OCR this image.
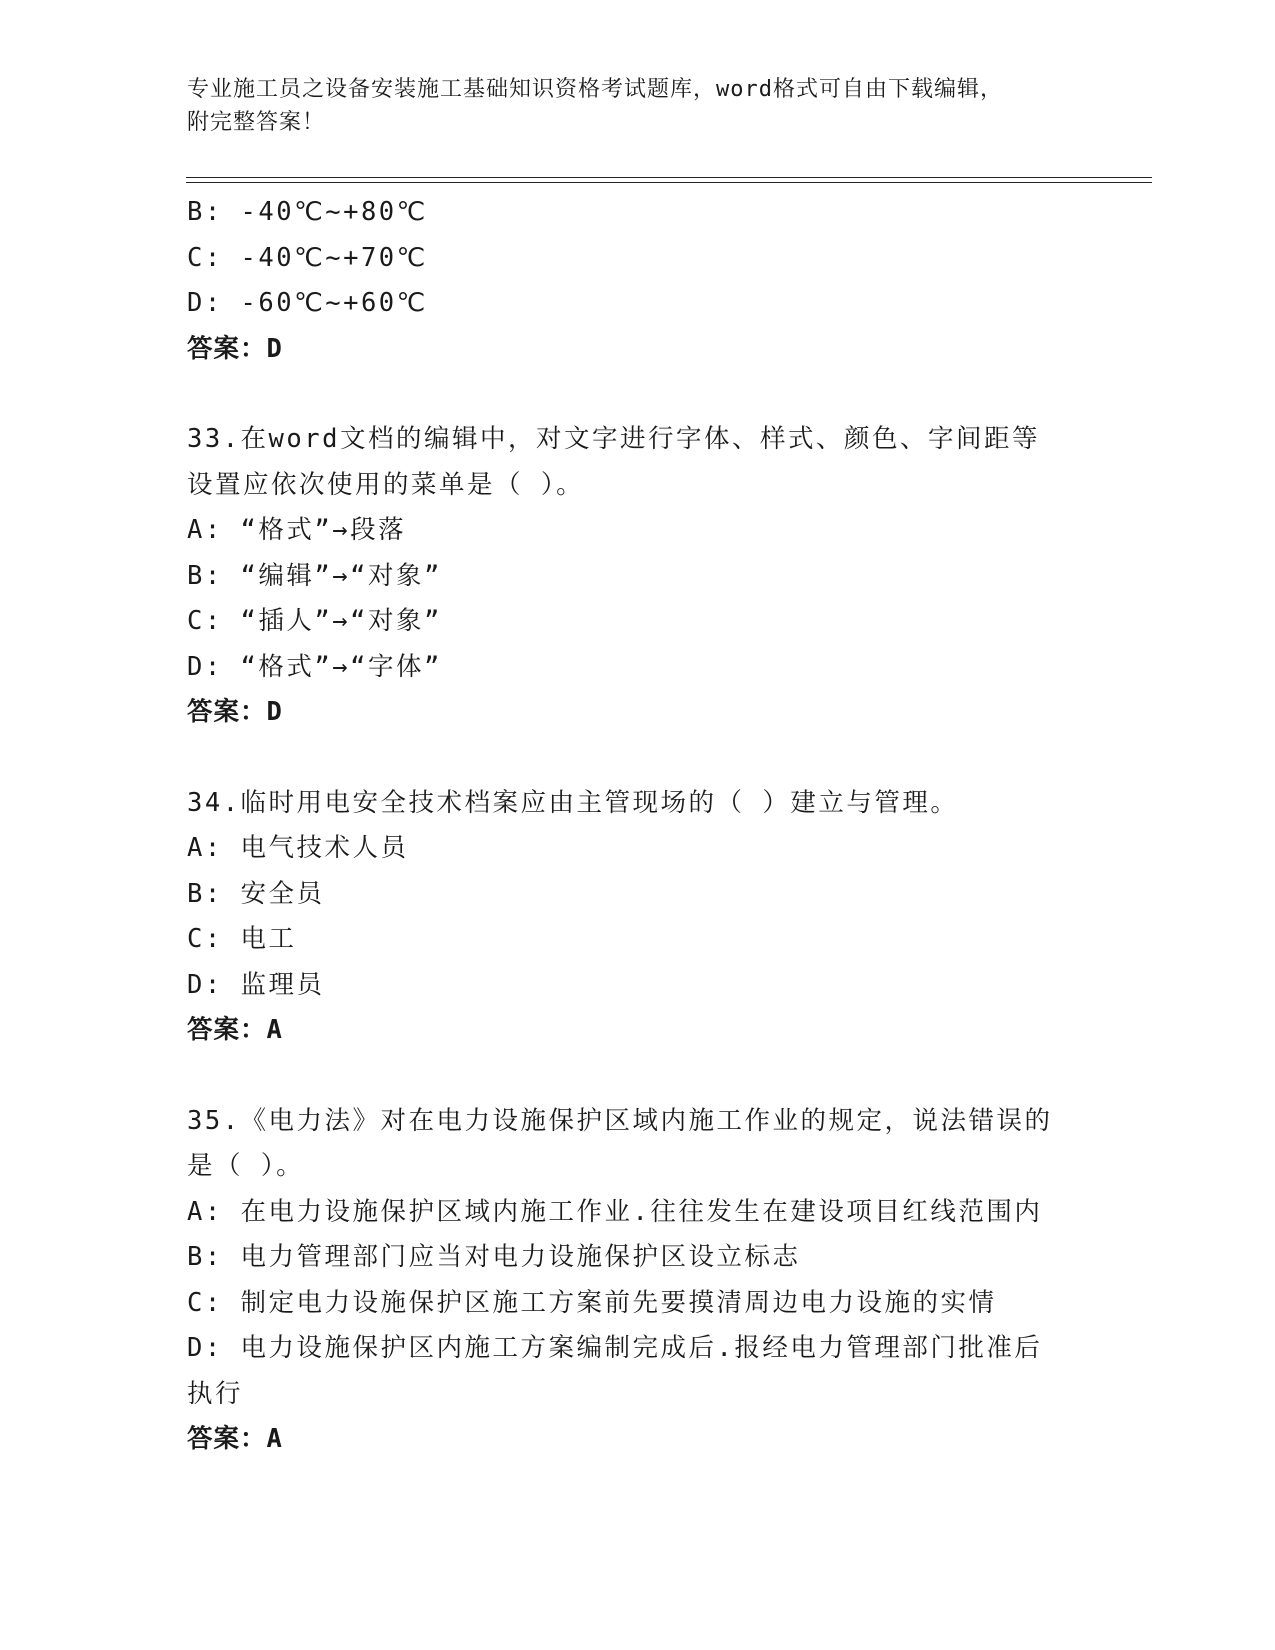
专业施工员之设备安装施工基础知识资格考试题库，word格式可自由下载编辑，
附完整答案！
B: -40℃~+80℃
C: -40℃~+70℃
D: -60℃~+60℃
答案：D
33.在word文档的编辑中，对文字进行字体、样式、颜色、字间距等
设置应依次使用的菜单是（ ）。
A: “格式”→段落
B: “编辑”→“对象”
C: “插人”→“对象”
D: “格式”→“字体”
答案：D
34.临时用电安全技术档案应由主管现场的（ ）建立与管理。
A: 电气技术人员
B: 安全员
C: 电工
D: 监理员
答案：A
35.《电力法》对在电力设施保护区域内施工作业的规定，说法错误的
是（ ）。
A: 在电力设施保护区域内施工作业.往往发生在建设项目红线范围内
B: 电力管理部门应当对电力设施保护区设立标志
C: 制定电力设施保护区施工方案前先要摸清周边电力设施的实情
D: 电力设施保护区内施工方案编制完成后.报经电力管理部门批准后
执行
答案：A
